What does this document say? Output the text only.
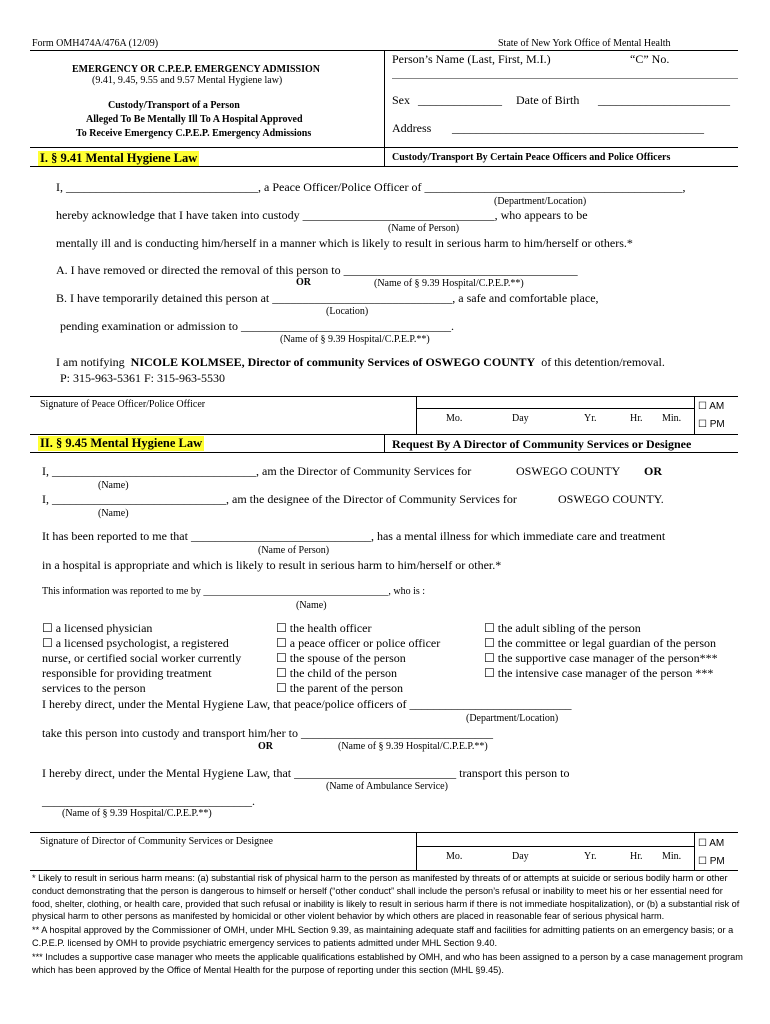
Form OMH474A/476A (12/09)	State of New York Office of Mental Health
EMERGENCY OR C.P.E.P. EMERGENCY ADMISSION
(9.41, 9.45, 9.55 and 9.57 Mental Hygiene law)
Custody/Transport of a Person
Alleged To Be Mentally Ill To A Hospital Approved
To Receive Emergency C.P.E.P. Emergency Admissions
Person’s Name (Last, First, M.I.)	“C” No.
Sex ______________ Date of Birth ______________________
Address __________________________________________
I. § 9.41 Mental Hygiene Law	Custody/Transport By Certain Peace Officers and Police Officers
I, ________________________________, a Peace Officer/Police Officer of ___________________________________________,
(Department/Location)
hereby acknowledge that I have taken into custody ________________________________, who appears to be
(Name of Person)
mentally ill and is conducting him/herself in a manner which is likely to result in serious harm to him/herself or others.*
A. I have removed or directed the removal of this person to _______________________________________
OR	(Name of § 9.39 Hospital/C.P.E.P.**)
B. I have temporarily detained this person at ______________________________, a safe and comfortable place,
(Location)
pending examination or admission to ___________________________________.
(Name of § 9.39 Hospital/C.P.E.P.**)
I am notifying NICOLE KOLMSEE, Director of community Services of OSWEGO COUNTY of this detention/removal.
P: 315-963-5361 F: 315-963-5530
Signature of Peace Officer/Police Officer
Mo.	Day	Yr.	Hr. Min.
☐ AM
☐ PM
II. § 9.45 Mental Hygiene Law	Request By A Director of Community Services or Designee
I, __________________________________, am the Director of Community Services for	OSWEGO COUNTY OR
(Name)
I, _____________________________, am the designee of the Director of Community Services for	OSWEGO COUNTY.
(Name)
It has been reported to me that ______________________________, has a mental illness for which immediate care and treatment
(Name of Person)
in a hospital is appropriate and which is likely to result in serious harm to him/herself or other.*
This information was reported to me by _____________________________________, who is :
(Name)
☐ a licensed physician
☐ a licensed psychologist, a registered
nurse, or certified social worker currently
responsible for providing treatment
services to the person
☐ the health officer
☐ a peace officer or police officer
☐ the spouse of the person
☐ the child of the person
☐ the parent of the person
☐ the adult sibling of the person
☐ the committee or legal guardian of the person
☐ the supportive case manager of the person***
☐ the intensive case manager of the person ***
I hereby direct, under the Mental Hygiene Law, that peace/police officers of ___________________________
(Department/Location)
take this person into custody and transport him/her to ________________________________
OR	(Name of § 9.39 Hospital/C.P.E.P.**)
I hereby direct, under the Mental Hygiene Law, that ___________________________ transport this person to
(Name of Ambulance Service)
___________________________________.
(Name of § 9.39 Hospital/C.P.E.P.**)
Signature of Director of Community Services or Designee
Mo.	Day	Yr.	Hr. Min.
☐ AM
☐ PM
* Likely to result in serious harm means: (a) substantial risk of physical harm to the person as manifested by threats of or attempts at suicide or serious bodily harm or other conduct demonstrating that the person is dangerous to himself or herself (“other conduct” shall include the person’s refusal or inability to meet his or her essential need for food, shelter, clothing, or health care, provided that such refusal or inability is likely to result in serious harm if there is not immediate hospitalization), or (b) a substantial risk of physical harm to other persons as manifested by homicidal or other violent behavior by which others are placed in reasonable fear of serious physical harm.
** A hospital approved by the Commissioner of OMH, under MHL Section 9.39, as maintaining adequate staff and facilities for admitting patients on an emergency basis; or a C.P.E.P. licensed by OMH to provide psychiatric emergency services to patients admitted under MHL Section 9.40.
*** Includes a supportive case manager who meets the applicable qualifications established by OMH, and who has been assigned to a person by a case management program which has been approved by the Office of Mental Health for the purpose of reporting under this section (MHL §9.45).
